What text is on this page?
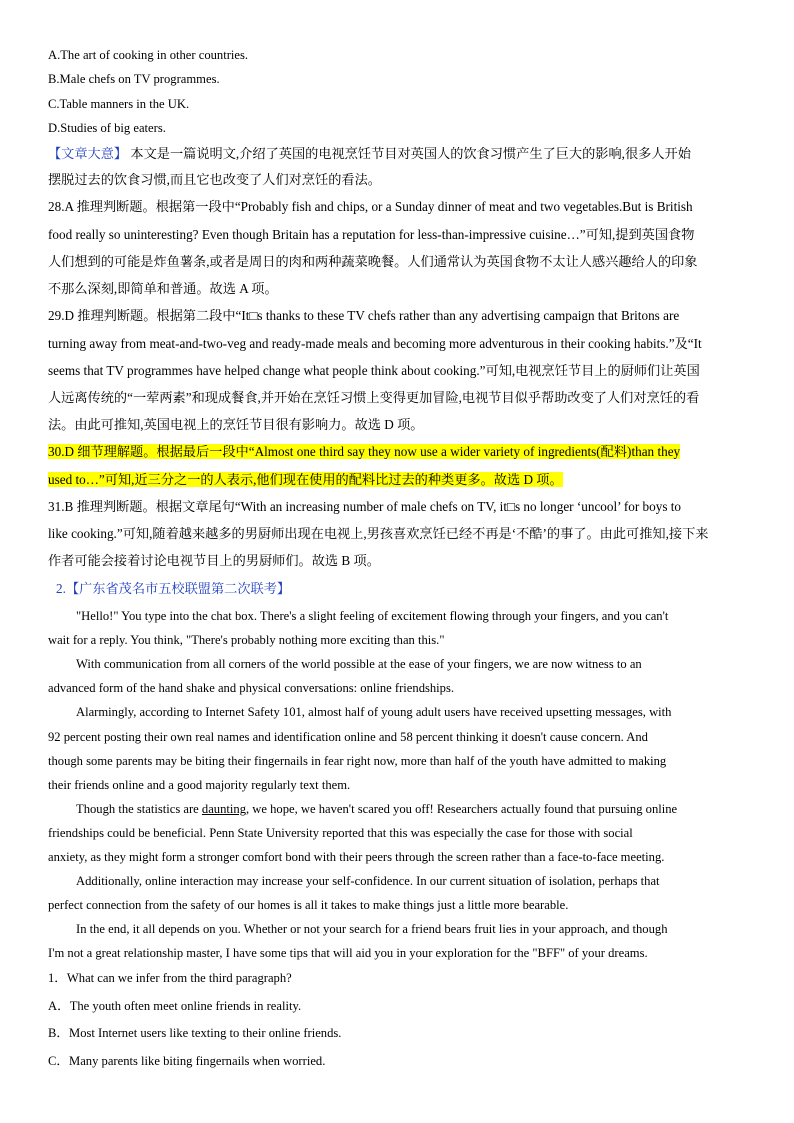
A.The art of cooking in other countries.
B.Male chefs on TV programmes.
C.Table manners in the UK.
D.Studies of big eaters.
【文章大意】 本文是一篇说明文,介绍了英国的电视烹饪节目对英国人的饮食习惯产生了巨大的影响,很多人开始
摆脱过去的饮食习惯,而且它也改变了人们对烹饪的看法。
28.A 推理判断题。根据第一段中“Probably fish and chips, or a Sunday dinner of meat and two vegetables.But is British
food really so uninteresting? Even though Britain has a reputation for less-than-impressive cuisine…”可知,提到英国食物
人们想到的可能是炸鱼薯条,或者是周日的肉和两种蔬菜晚餐。人们通常认为英国食物不太让人感兴趣给人的印象
不那么深刻,即简单和普通。故选 A 项。
29.D 推理判断题。根据第二段中“It□s thanks to these TV chefs rather than any advertising campaign that Britons are
turning away from meat-and-two-veg and ready-made meals and becoming more adventurous in their cooking habits.”及“It
seems that TV programmes have helped change what people think about cooking.”可知,电视烹饪节目上的厨师们让英国
人远离传统的“一荤两素”和现成餐食,并开始在烹饪习惯上变得更加冒险,电视节目似乎帮助改变了人们对烹饪的看
法。由此可推知,英国电视上的烹饪节目很有影响力。故选 D 项。
30.D 细节理解题。根据最后一段中“Almost one third say they now use a wider variety of ingredients(配料)than they
used to…”可知,近三分之一的人表示,他们现在使用的配料比过去的种类更多。故选 D 项。
31.B 推理判断题。根据文章尾句“With an increasing number of male chefs on TV, it□s no longer ‘uncool’ for boys to
like cooking.”可知,随着越来越多的男厨师出现在电视上,男孩喜欢烹饪已经不再是‘不酷’的事了。由此可推知,接下来
作者可能会接着讨论电视节目上的男厨师们。故选 B 项。
2.【广东省茂名市五校联盟第二次联考】
"Hello!" You type into the chat box. There's a slight feeling of excitement flowing through your fingers, and you can't
wait for a reply. You think, "There's probably nothing more exciting than this."
With communication from all corners of the world possible at the ease of your fingers, we are now witness to an
advanced form of the hand shake and physical conversations: online friendships.
Alarmingly, according to Internet Safety 101, almost half of young adult users have received upsetting messages, with
92 percent posting their own real names and identification online and 58 percent thinking it doesn't cause concern. And
though some parents may be biting their fingernails in fear right now, more than half of the youth have admitted to making
their friends online and a good majority regularly text them.
Though the statistics are daunting, we hope, we haven't scared you off! Researchers actually found that pursuing online
friendships could be beneficial. Penn State University reported that this was especially the case for those with social
anxiety, as they might form a stronger comfort bond with their peers through the screen rather than a face-to-face meeting.
Additionally, online interaction may increase your self-confidence. In our current situation of isolation, perhaps that
perfect connection from the safety of our homes is all it takes to make things just a little more bearable.
In the end, it all depends on you. Whether or not your search for a friend bears fruit lies in your approach, and though
I'm not a great relationship master, I have some tips that will aid you in your exploration for the "BFF" of your dreams.
1．What can we infer from the third paragraph?
A．The youth often meet online friends in reality.
B．Most Internet users like texting to their online friends.
C．Many parents like biting fingernails when worried.
